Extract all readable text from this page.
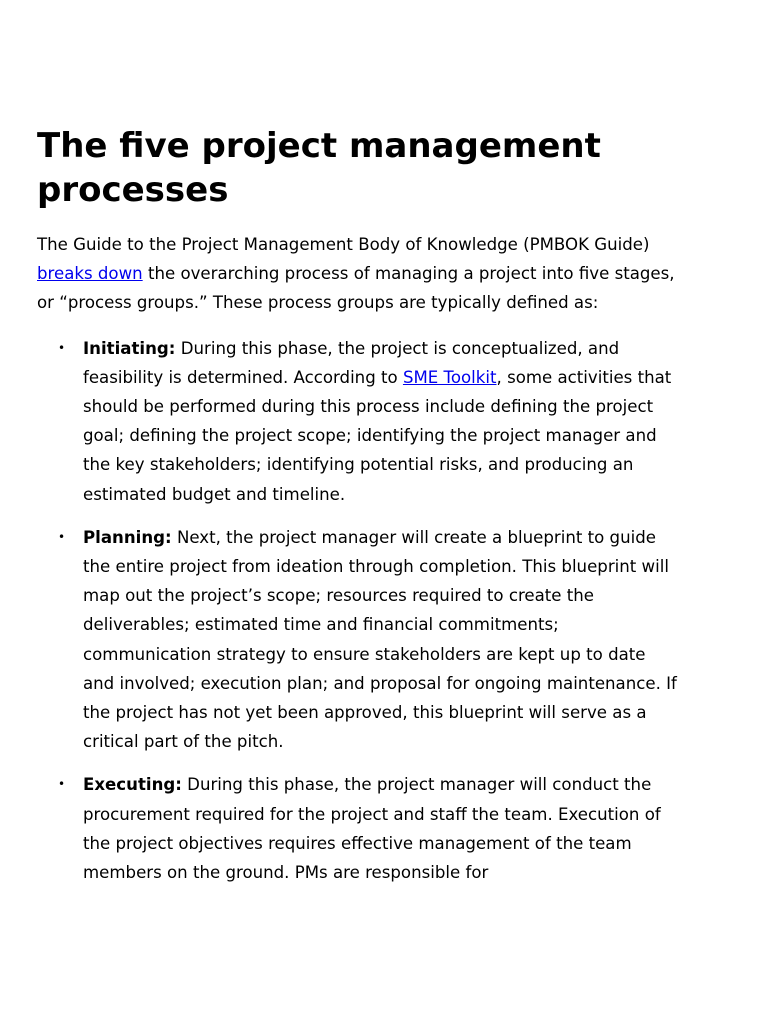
The five project management processes

The Guide to the Project Management Body of Knowledge (PMBOK Guide) breaks down the overarching process of managing a project into five stages, or “process groups.” These process groups are typically defined as:

• Initiating: During this phase, the project is conceptualized, and feasibility is determined. According to SME Toolkit, some activities that should be performed during this process include defining the project goal; defining the project scope; identifying the project manager and the key stakeholders; identifying potential risks, and producing an estimated budget and timeline.
• Planning: Next, the project manager will create a blueprint to guide the entire project from ideation through completion. This blueprint will map out the project’s scope; resources required to create the deliverables; estimated time and financial commitments; communication strategy to ensure stakeholders are kept up to date and involved; execution plan; and proposal for ongoing maintenance. If the project has not yet been approved, this blueprint will serve as a critical part of the pitch.
• Executing: During this phase, the project manager will conduct the procurement required for the project and staff the team. Execution of the project objectives requires effective management of the team members on the ground. PMs are responsible for
